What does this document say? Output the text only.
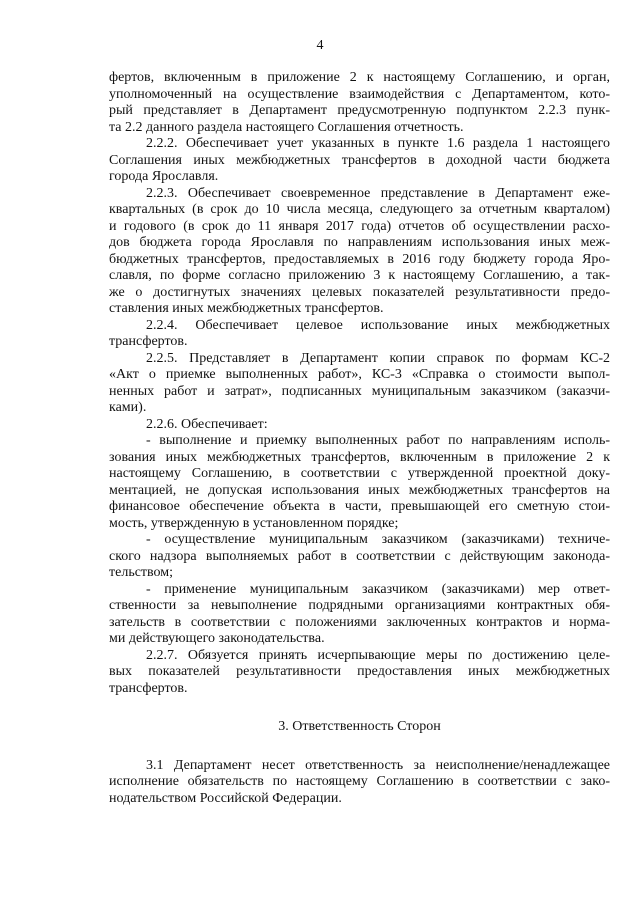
4
фертов, включенным в приложение 2 к настоящему Соглашению, и орган,
уполномоченный на осуществление взаимодействия с Департаментом, кото-
рый представляет в Департамент предусмотренную подпунктом 2.2.3 пунк-
та 2.2 данного раздела настоящего Соглашения отчетность.
2.2.2. Обеспечивает учет указанных в пункте 1.6 раздела 1 настоящего
Соглашения иных межбюджетных трансфертов в доходной части бюджета
города Ярославля.
2.2.3. Обеспечивает своевременное представление в Департамент еже-
квартальных (в срок до 10 числа месяца, следующего за отчетным кварталом)
и годового (в срок до 11 января 2017 года) отчетов об осуществлении расхо-
дов бюджета города Ярославля по направлениям использования иных меж-
бюджетных трансфертов, предоставляемых в 2016 году бюджету города Яро-
славля, по форме согласно приложению 3 к настоящему Соглашению, а так-
же о достигнутых значениях целевых показателей результативности предо-
ставления иных межбюджетных трансфертов.
2.2.4. Обеспечивает целевое использование иных межбюджетных
трансфертов.
2.2.5. Представляет в Департамент копии справок по формам КС-2
«Акт о приемке выполненных работ», КС-3 «Справка о стоимости выпол-
ненных работ и затрат», подписанных муниципальным заказчиком (заказчи-
ками).
2.2.6. Обеспечивает:
- выполнение и приемку выполненных работ по направлениям исполь-
зования иных межбюджетных трансфертов, включенным в приложение 2 к
настоящему Соглашению, в соответствии с утвержденной проектной доку-
ментацией, не допуская использования иных межбюджетных трансфертов на
финансовое обеспечение объекта в части, превышающей его сметную стои-
мость, утвержденную в установленном порядке;
- осуществление муниципальным заказчиком (заказчиками) техниче-
ского надзора выполняемых работ в соответствии с действующим законода-
тельством;
- применение муниципальным заказчиком (заказчиками) мер ответ-
ственности за невыполнение подрядными организациями контрактных обя-
зательств в соответствии с положениями заключенных контрактов и норма-
ми действующего законодательства.
2.2.7. Обязуется принять исчерпывающие меры по достижению целе-
вых показателей результативности предоставления иных межбюджетных
трансфертов.
3. Ответственность Сторон
3.1 Департамент несет ответственность за неисполнение/ненадлежащее
исполнение обязательств по настоящему Соглашению в соответствии с зако-
нодательством Российской Федерации.
